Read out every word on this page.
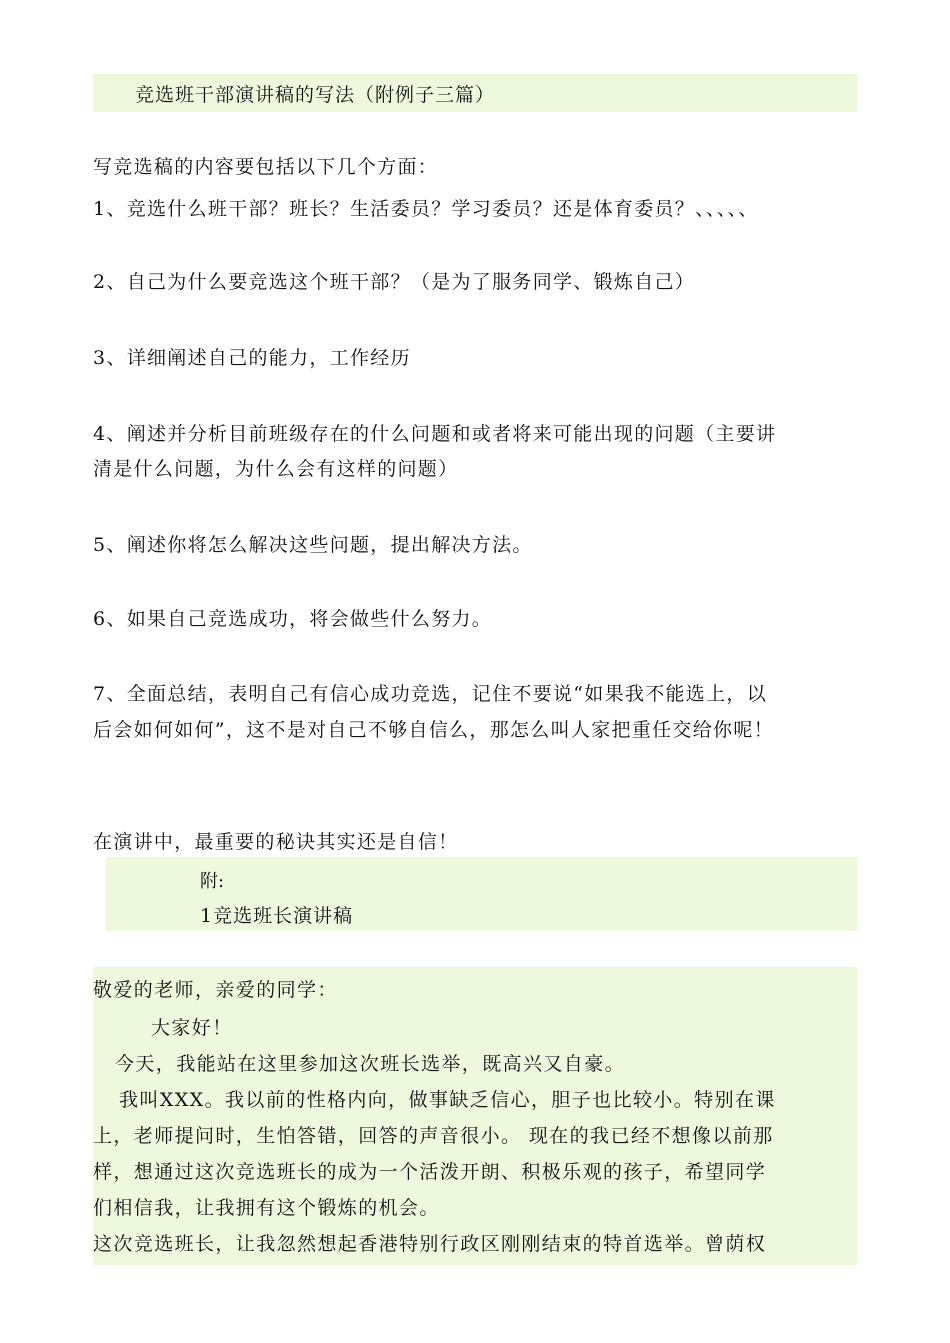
竞选班干部演讲稿的写法（附例子三篇）
写竞选稿的内容要包括以下几个方面：
1、竞选什么班干部？班长？生活委员？学习委员？还是体育委员？、、、、、
2、自己为什么要竞选这个班干部？（是为了服务同学、锻炼自己）
3、详细阐述自己的能力，工作经历
4、阐述并分析目前班级存在的什么问题和或者将来可能出现的问题（主要讲
清是什么问题，为什么会有这样的问题）
5、阐述你将怎么解决这些问题，提出解决方法。
6、如果自己竞选成功，将会做些什么努力。
7、全面总结，表明自己有信心成功竞选，记住不要说“如果我不能选上，以
后会如何如何”，这不是对自己不够自信么，那怎么叫人家把重任交给你呢！
在演讲中，最重要的秘诀其实还是自信！
附:
1竞选班长演讲稿
敬爱的老师，亲爱的同学：
大家好！
今天，我能站在这里参加这次班长选举，既高兴又自豪。
我叫XXX。我以前的性格内向，做事缺乏信心，胆子也比较小。特别在课
上，老师提问时，生怕答错，回答的声音很小。 现在的我已经不想像以前那
样，想通过这次竞选班长的成为一个活泼开朗、积极乐观的孩子，希望同学
们相信我，让我拥有这个锻炼的机会。
这次竞选班长，让我忽然想起香港特别行政区刚刚结束的特首选举。曾荫权
